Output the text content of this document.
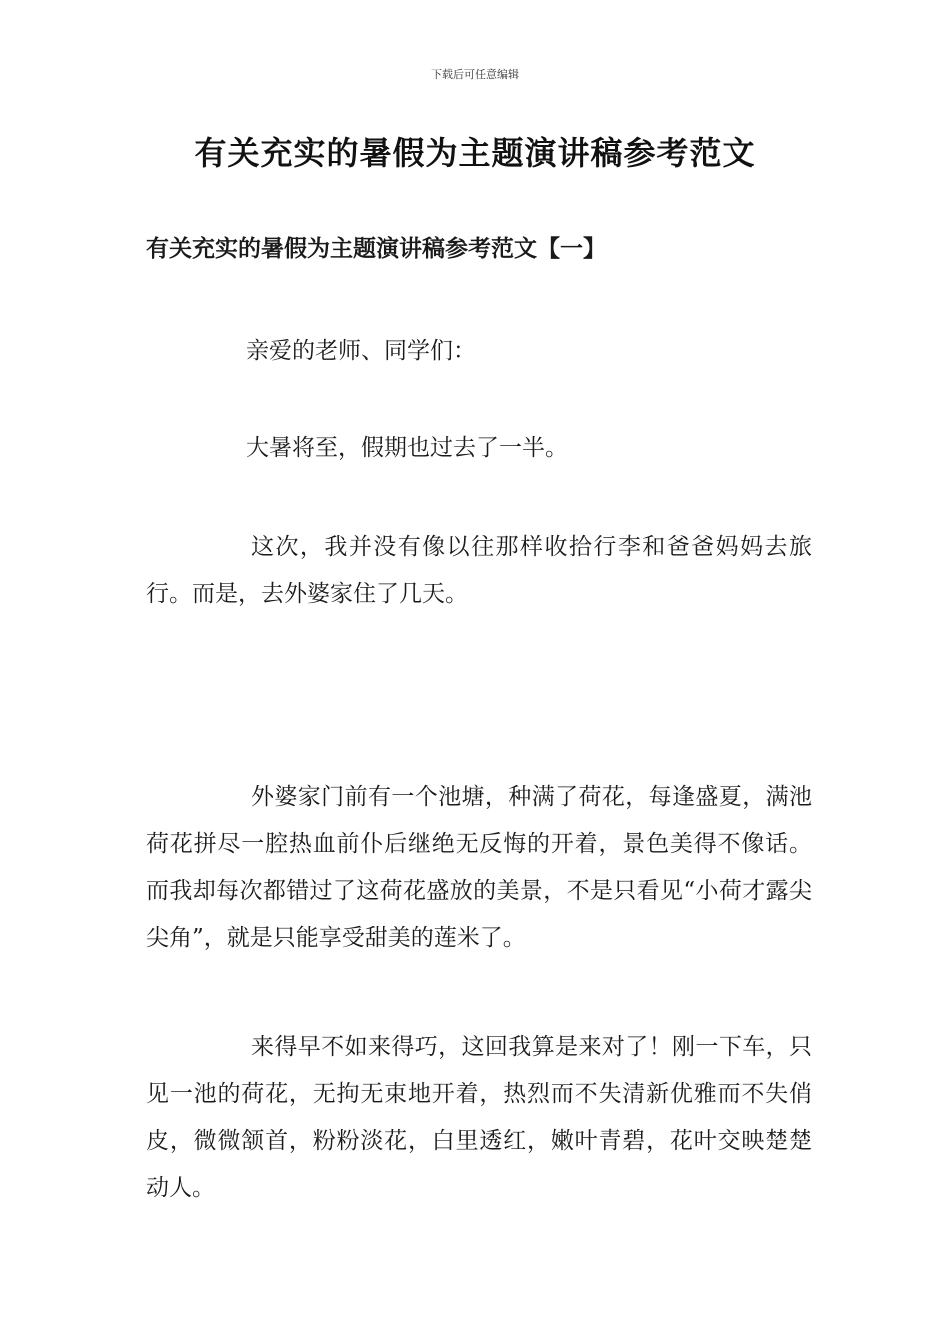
下载后可任意编辑
有关充实的暑假为主题演讲稿参考范文
有关充实的暑假为主题演讲稿参考范文【一】

亲爱的老师、同学们：

大暑将至，假期也过去了一半。

这次，我并没有像以往那样收拾行李和爸爸妈妈去旅行。而是，去外婆家住了几天。

外婆家门前有一个池塘，种满了荷花，每逢盛夏，满池荷花拼尽一腔热血前仆后继绝无反悔的开着，景色美得不像话。而我却每次都错过了这荷花盛放的美景，不是只看见“小荷才露尖尖角”，就是只能享受甜美的莲米了。

来得早不如来得巧，这回我算是来对了！刚一下车，只见一池的荷花，无拘无束地开着，热烈而不失清新优雅而不失俏皮，微微颔首，粉粉淡花，白里透红，嫩叶青碧，花叶交映楚楚动人。
